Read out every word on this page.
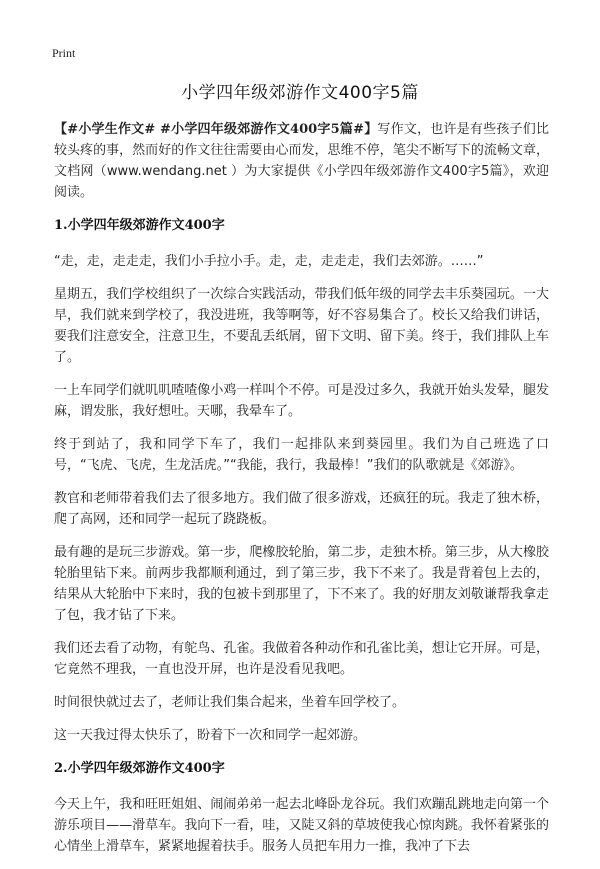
Print
小学四年级郊游作文400字5篇

【#小学生作文# #小学四年级郊游作文400字5篇#】写作文，也许是有些孩子们比较头疼的事，然而好的作文往往需要由心而发，思维不停，笔尖不断写下的流畅文章，文档网（www.wendang.net ）为大家提供《小学四年级郊游作文400字5篇》，欢迎阅读。

1.小学四年级郊游作文400字

“走，走，走走走，我们小手拉小手。走，走，走走走，我们去郊游。……”

星期五，我们学校组织了一次综合实践活动，带我们低年级的同学去丰乐葵园玩。一大早，我们就来到学校了，我没进班，我等啊等，好不容易集合了。校长又给我们讲话，要我们注意安全，注意卫生，不要乱丢纸屑，留下文明、留下美。终于，我们排队上车了。

一上车同学们就叽叽喳喳像小鸡一样叫个不停。可是没过多久，我就开始头发晕，腿发麻，谓发胀，我好想吐。天哪，我晕车了。

终于到站了，我和同学下车了，我们一起排队来到葵园里。我们为自己班选了口号，“飞虎、飞虎，生龙活虎。”“我能，我行，我最棒！”我们的队歌就是《郊游》。

教官和老师带着我们去了很多地方。我们做了很多游戏，还疯狂的玩。我走了独木桥，爬了高网，还和同学一起玩了跷跷板。

最有趣的是玩三步游戏。第一步，爬橡胶轮胎，第二步，走独木桥。第三步，从大橡胶轮胎里钻下来。前两步我都顺利通过，到了第三步，我下不来了。我是背着包上去的，结果从大轮胎中下来时，我的包被卡到那里了，下不来了。我的好朋友刘敬谦帮我拿走了包，我才钻了下来。

我们还去看了动物，有鸵鸟、孔雀。我做着各种动作和孔雀比美，想让它开屏。可是，它竟然不理我，一直也没开屏，也许是没看见我吧。

时间很快就过去了，老师让我们集合起来，坐着车回学校了。

这一天我过得太快乐了，盼着下一次和同学一起郊游。

2.小学四年级郊游作文400字

今天上午，我和旺旺姐姐、闹闹弟弟一起去北峰卧龙谷玩。我们欢蹦乱跳地走向第一个游乐项目——滑草车。我向下一看，哇，又陡又斜的草坡使我心惊肉跳。我怀着紧张的心情坐上滑草车，紧紧地握着扶手。服务人员把车用力一推，我冲了下去
